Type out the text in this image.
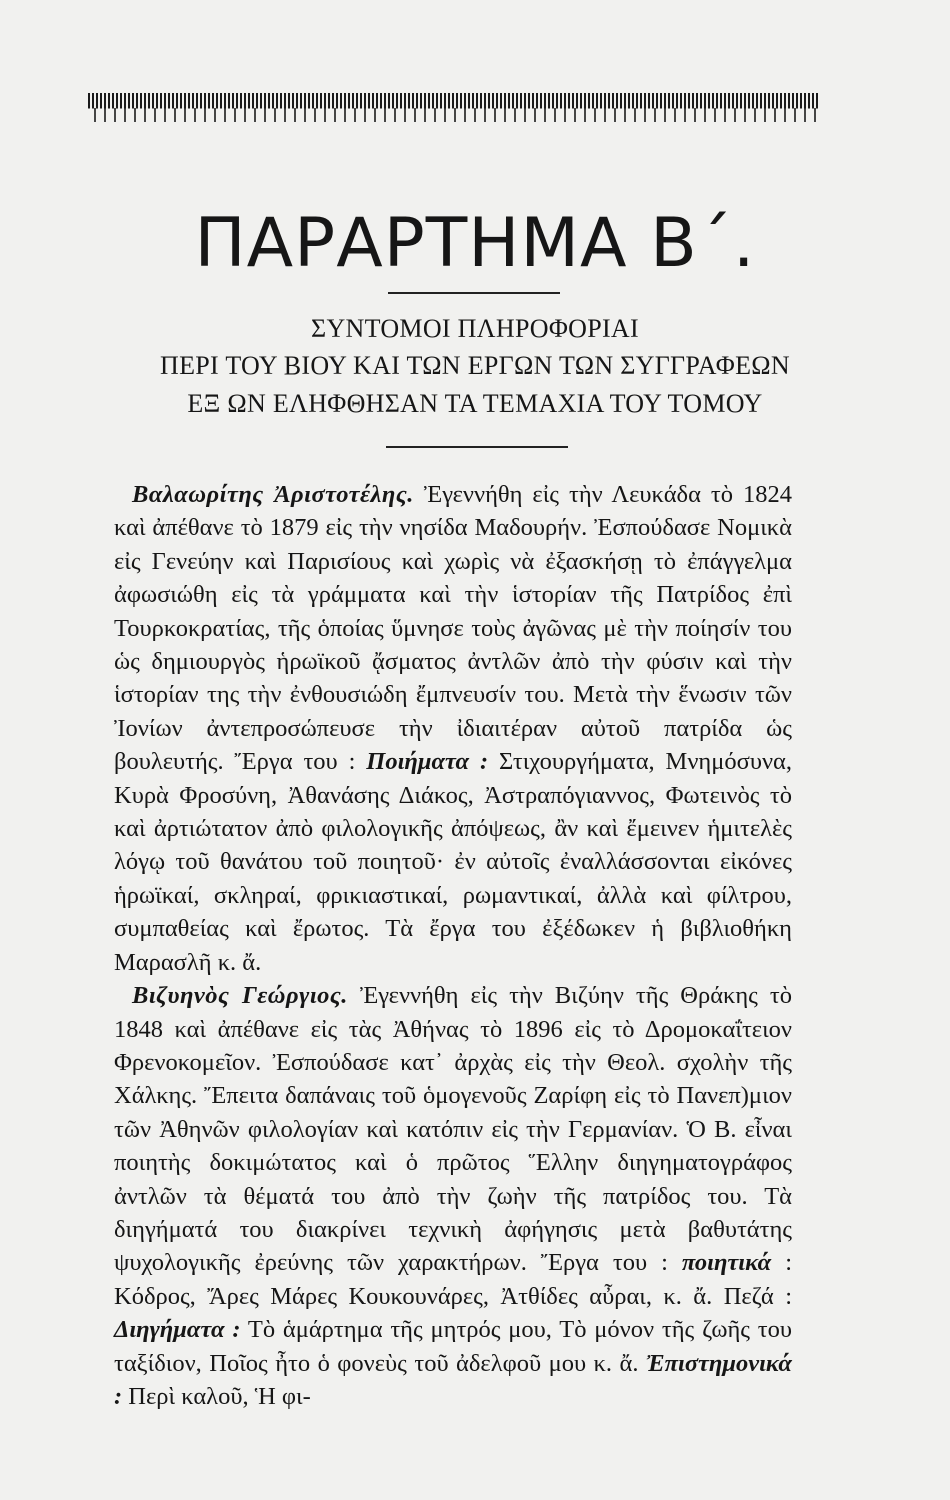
ΠΑΡΑΡΤΗΜΑ Β΄.
ΣΥΝΤΟΜΟΙ ΠΛΗΡΟΦΟΡΙΑΙ
ΠΕΡΙ ΤΟΥ ΒΙΟΥ ΚΑΙ ΤΩΝ ΕΡΓΩΝ ΤΩΝ ΣΥΓΓΡΑΦΕΩΝ
ΕΞ ΩΝ ΕΛΗΦΘΗΣΑΝ ΤΑ ΤΕΜΑΧΙΑ ΤΟΥ ΤΟΜΟΥ

Βαλαωρίτης Ἀριστοτέλης. Ἐγεννήθη εἰς τὴν Λευκάδα τὸ 1824 καὶ ἀπέθανε τὸ 1879 εἰς τὴν νησίδα Μαδουρήν. Ἐσπούδασε Νομικὰ εἰς Γενεύην καὶ Παρισίους καὶ χωρὶς νὰ ἐξασκήσῃ τὸ ἐπάγγελμα ἀφωσιώθη εἰς τὰ γράμματα καὶ τὴν ἱστορίαν τῆς Πατρίδος ἐπὶ Τουρκοκρατίας, τῆς ὁποίας ὕμνησε τοὺς ἀγῶνας μὲ τὴν ποίησίν του ὡς δημιουργὸς ἡρωϊκοῦ ᾄσματος ἀντλῶν ἀπὸ τὴν φύσιν καὶ τὴν ἱστορίαν της τὴν ἐνθουσιώδη ἔμπνευσίν του. Μετὰ τὴν ἕνωσιν τῶν Ἰονίων ἀντεπροσώπευσε τὴν ἰδιαιτέραν αὐτοῦ πατρίδα ὡς βουλευτής. Ἔργα του : Ποιήματα : Στιχουργήματα, Μνημόσυνα, Κυρὰ Φροσύνη, Ἀθανάσης Διάκος, Ἀστραπόγιαννος, Φωτεινὸς τὸ καὶ ἀρτιώτατον ἀπὸ φιλολογικῆς ἀπόψεως, ἂν καὶ ἔμεινεν ἡμιτελὲς λόγῳ τοῦ θανάτου τοῦ ποιητοῦ· ἐν αὐτοῖς ἐναλλάσσονται εἰκόνες ἡρωϊκαί, σκληραί, φρικιαστικαί, ρωμαντικαί, ἀλλὰ καὶ φίλτρου, συμπαθείας καὶ ἔρωτος. Τὰ ἔργα του ἐξέδωκεν ἡ βιβλιοθήκη Μαρασλῆ κ. ἄ.

Βιζυηνὸς Γεώργιος. Ἐγεννήθη εἰς τὴν Βιζύην τῆς Θράκης τὸ 1848 καὶ ἀπέθανε εἰς τὰς Ἀθήνας τὸ 1896 εἰς τὸ Δρομοκαΐτειον Φρενοκομεῖον. Ἐσπούδασε κατ᾿ ἀρχὰς εἰς τὴν Θεολ. σχολὴν τῆς Χάλκης. Ἔπειτα δαπάναις τοῦ ὁμογενοῦς Ζαρίφη εἰς τὸ Πανεπ)μιον τῶν Ἀθηνῶν φιλολογίαν καὶ κατόπιν εἰς τὴν Γερμανίαν. Ὁ Β. εἶναι ποιητὴς δοκιμώτατος καὶ ὁ πρῶτος Ἕλλην διηγηματογράφος ἀντλῶν τὰ θέματά του ἀπὸ τὴν ζωὴν τῆς πατρίδος του. Τὰ διηγήματά του διακρίνει τεχνικὴ ἀφήγησις μετὰ βαθυτάτης ψυχολογικῆς ἐρεύνης τῶν χαρακτήρων. Ἔργα του : ποιητικά : Κόδρος, Ἄρες Μάρες Κουκουνάρες, Ἀτθίδες αὖραι, κ. ἄ. Πεζά : Διηγήματα : Τὸ ἁμάρτημα τῆς μητρός μου, Τὸ μόνον τῆς ζωῆς του ταξίδιον, Ποῖος ἦτο ὁ φονεὺς τοῦ ἀδελφοῦ μου κ. ἄ. Ἐπιστημονικά : Περὶ καλοῦ, Ἡ φι-
